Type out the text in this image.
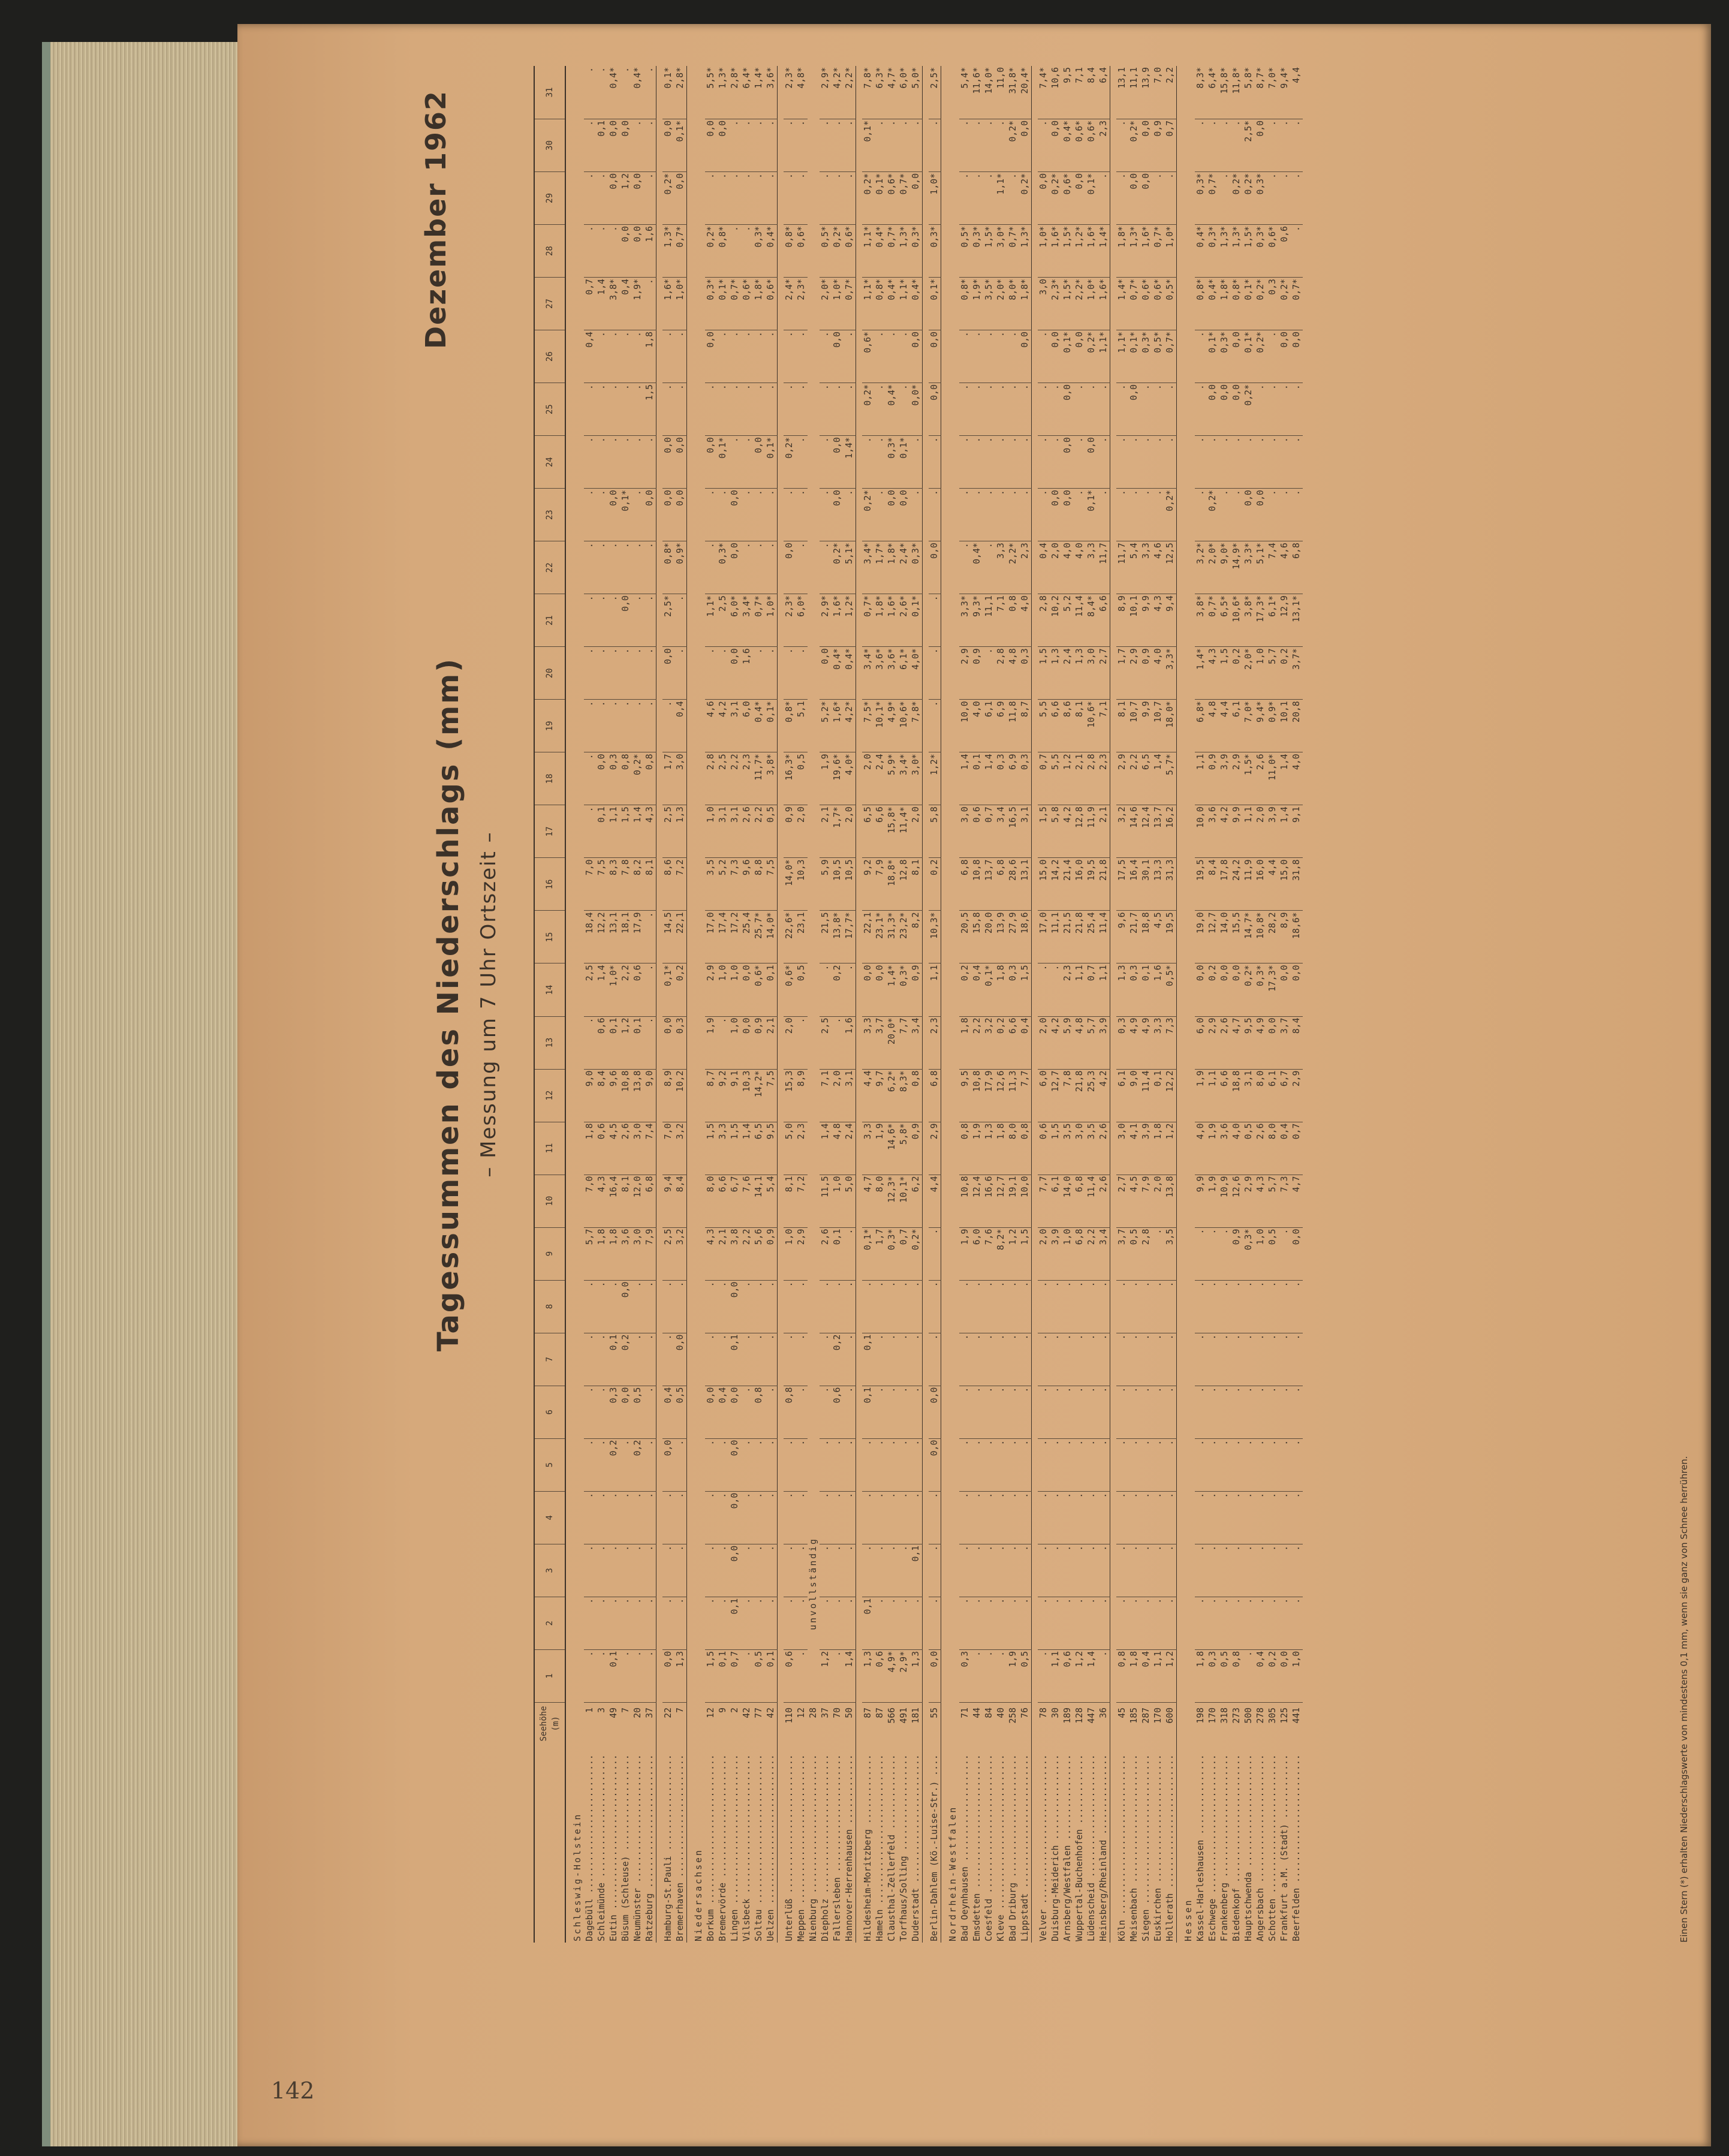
142
Dezember 1962
Tagessummen des Niederschlags (mm) – Messung um 7 Uhr Ortszeit –
	Seehöhe (m)	1	2	3	4	5	6	7	8	9	10	11	12	13	14	15	16	17	18	19	20	21	22	23	24	25	26	27	28	29	30	31

Schleswig-Holstein																																
Dagebüll ..........................	1	.	.	.	.	.	.	.	.	5,7	7,0	1,8	9,0	.	2,5	18,4	7,0	.	.	.	.	.	.	.	.	.	0,4	0,7	.	.	.	.
Schleimünde .......................	3	.	.	.	.	.	.	.	.	1,8	4,3	0,6	8,4	0,6	1,4	12,2	7,5	0,1	0,0	.	.	.	.	.	.	.	.	1,4	.	.	0,1	.
Eutin .............................	49	0,1	.	.	.	0,2	0,3	0,1	.	1,8	16,4	4,5	9,6	0,1	1,0*	13,1	8,3	1,1	0,3	.	.	.	.	0,0	.	.	.	3,8*	.	0,0	0,0	0,4*
Büsum (Schleuse) ..................	7	.	.	.	.	.	0,0	0,2	0,0	3,6	8,1	2,6	10,8	1,2	2,2	18,1	7,8	1,5	0,8	.	.	0,0	.	0,1*	.	.	.	0,4	0,0	1,2	0,0	.
Neumünster ........................	20	.	.	.	.	0,2	0,5	.	.	3,0	12,0	3,0	13,8	0,1	0,6	17,9	8,2	1,4	0,2*	.	.	.	.	.	.	.	.	1,9*	0,0	0,0	.	0,4*
Ratzeburg .........................	37	.	.	.	.	.	.	.	.	7,9	6,8	7,4	9,0	.	.	.	8,1	4,3	0,8	.	.	.	.	0,0	.	1,5	1,8	.	1,6	.	.	.

Hamburg-St.Pauli ..................	22	0,0	.	.	.	0,0	0,4	.	.	2,5	9,4	7,0	8,9	0,0	0,1*	14,5	8,6	2,5	1,7	.	0,0	2,5*	0,8*	0,0	0,0	.	.	1,6*	1,3*	0,2*	0,0	0,1*
Bremerhaven .......................	7	1,3	.	.	.	.	0,5	0,0	.	3,2	8,4	3,2	10,2	0,3	0,2	22,1	7,2	1,3	3,0	0,4	.	.	0,9*	0,0	0,0	.	.	1,0*	0,7*	0,0	0,1*	2,8*

Niedersachsen																																
Borkum ............................	12	1,5	.	.	.	.	0,0	.	.	4,3	8,0	1,5	8,7	1,9	2,9	17,0	3,5	1,0	2,8	4,6	.	1,1*	.	.	0,0	.	0,0	0,3*	0,2*	.	0,0	5,5*
Bremervörde .......................	9	0,1	.	.	.	.	0,4	.	.	2,1	6,6	3,3	9,2	.	1,0	17,4	5,2	3,1	2,5	4,2	.	2,5	0,3*	.	0,1*	.	.	0,1*	0,8*	.	0,0	1,3*
Lingen ............................	2	0,7	0,1	0,0	0,0	0,0	0,0	0,1	0,0	3,8	6,7	1,5	9,1	1,0	1,0	17,2	7,3	3,1	2,2	3,1	0,0	6,0*	0,0	0,0	.	.	.	0,7*	.	.	.	2,8*
Vilsbeck ..........................	42	.	.	.	.	.	.	.	.	2,2	7,6	1,4	10,3	0,0	0,0	25,4	9,6	2,6	2,3	6,0	1,6	3,4*	.	.	.	.	.	0,6*	.	.	.	6,4*
Soltau ............................	77	0,5	.	.	.	.	0,8	.	.	5,6	14,1	6,5	14,2*	0,9	0,6*	25,7*	8,8	2,2	11,7*	0,4*	.	0,7*	.	.	0,0	.	.	1,8*	0,3*	.	.	1,4*
Uelzen ............................	42	0,1	.	.	.	.	.	.	.	0,9	5,4	9,5	7,5	2,1	0,1	14,0*	7,5	0,5	3,8*	0,1*	.	1,0*	.	.	0,1*	.	.	0,6*	0,4*	.	.	3,6*

Unterlüß ..........................	110	0,6	.	.	.	.	0,8	.	.	1,0	8,1	5,0	15,3	2,0	0,6*	22,6*	14,0*	0,9	16,3*	0,8*	.	2,3*	0,0	.	0,2*	.	.	2,4*	0,8*	.	.	2,3*
Meppen ............................	12	.	.	.	.	.	.	.	.	2,9	7,2	2,3	8,9	.	0,5	23,1	10,3	2,0	0,5	5,1	.	6,0*	.	.	.	.	.	2,3*	0,6*	.	.	4,8*
Nienburg ..........................	28	unvollständig																														
Diepholz ..........................	37	1,2	.	.	.	.	.	.	.	2,6	11,5	1,4	7,1	2,5	.	21,5	5,9	2,1	1,9	5,2*	0,0	2,9*	.	.	.	.	.	2,0*	0,5*	.	.	2,9*
Fallersleben ......................	70	.	.	.	.	.	0,6	0,2	.	0,1	1,0	4,8	2,0	.	0,2	13,8*	10,5	1,7*	19,6*	1,6*	0,4*	1,6*	0,2*	0,0	0,0	.	0,0	1,0*	0,2*	.	.	4,2*
Hannover-Herrenhausen .............	50	1,4	.	.	.	.	.	.	.	.	5,0	2,4	3,1	1,6	.	17,7*	10,5	2,0	4,0*	4,2*	0,4*	1,2*	5,1*	.	1,4*	.	.	0,7*	0,6*	.	.	2,2*

Hildesheim-Moritzberg .............	87	1,3	0,1	.	.	.	0,1	0,1	.	0,1*	4,7	3,3	4,4	3,3	0,0	22,1	9,2	6,5	2,0	7,5*	3,4*	0,7*	3,4*	0,2*	.	0,2*	0,6*	1,1*	1,1*	0,2*	0,1*	7,8*
Hameln ............................	87	0,6	.	.	.	.	.	.	.	1,7	8,0	1,9	9,7	3,7	0,0	23,1*	7,9	6,6	2,4	10,1*	3,6*	1,8*	1,7*	.	.	.	.	0,8*	0,4*	0,1*	.	6,3*
Clausthal-Zellerfeld ..............	566	4,9*	.	.	.	.	.	.	.	0,3*	12,3*	14,6*	6,2*	20,0*	1,4*	31,3*	18,8*	15,8*	5,9*	4,9*	3,6*	1,6*	1,8*	0,0	0,3*	0,4*	.	0,4*	0,7*	0,6*	.	4,7*
Torfhaus/Solling ..................	491	2,9*	.	.	.	.	.	.	.	0,7	10,1*	5,8*	8,3*	7,7	0,3*	23,2*	12,8	11,4*	3,4*	10,6*	6,1*	2,6*	2,4*	0,0	0,1*	.	.	1,1*	1,3*	0,7*	.	6,0*
Duderstadt ........................	181	1,3	.	0,1	.	.	.	.	.	0,2*	6,2	0,9	0,8	3,4	0,9	8,2	8,1	2,0	3,0*	7,8*	4,0*	0,1*	0,3*	.	.	0,0*	0,0	0,4*	0,3*	0,0	.	5,0*

Berlin-Dahlem (Kö.-Luise-Str.) ....	55	0,0	.	.	.	0,0	0,0	.	.	.	4,4	2,9	6,8	2,3	1,1	10,3*	0,2	5,8	1,2*	.	.	.	0,0	.	.	0,0	0,0	0,1*	0,3*	1,0*	.	2,5*

Nordrhein-Westfalen																																
Bad Oeynhausen ....................	71	0,3	.	.	.	.	.	.	.	1,9	10,8	0,8	9,5	1,8	0,2	20,5	6,8	3,0	1,4	10,0	2,9	3,3*	.	.	.	.	.	0,8*	0,5*	.	.	5,4*
Emsdetten .........................	44	.	.	.	.	.	.	.	.	6,0	12,4	1,9	10,8	2,2	0,4	15,8	10,8	0,6	0,1	4,0	0,9	9,3*	0,4*	.	.	.	.	1,9*	0,3*	.	.	11,6*
Coesfeld ..........................	84	.	.	.	.	.	.	.	.	7,6	16,6	1,3	17,9	3,2	0,1*	20,0	13,7	0,7	1,4	6,1	.	11,1	.	.	.	.	.	3,5*	1,5*	.	.	14,0*
Kleve .............................	40	.	.	.	.	.	.	.	.	8,2*	12,7	1,8	12,6	0,2	1,8	13,9	6,8	3,4	0,3	6,9	2,8	7,1	3,3	.	.	.	.	2,0*	3,0*	1,1*	.	11,0
Bad Driburg .......................	258	1,9	.	.	.	.	.	.	.	1,2	19,1	8,0	11,3	6,6	0,3	27,9	28,6	16,5	6,9	11,8	4,8	0,8	2,2*	.	.	.	.	8,0*	0,7*	.	0,2*	31,8*
Lippstadt .........................	76	0,5	.	.	.	.	.	.	.	1,5	10,0	0,8	7,7	0,4	1,5	18,6	13,1	3,1	0,3	8,7	0,3	4,0	2,3	.	.	.	0,0	1,8*	1,3*	0,2*	0,0	20,4*

Velver ............................	78	.	.	.	.	.	.	.	.	2,0	7,7	0,6	6,0	2,0	.	17,0	15,0	1,5	0,7	5,5	1,5	2,8	0,4	.	.	.	.	3,0	1,0*	0,0	.	7,4*
Duisburg-Meiderich ................	30	1,1	.	.	.	.	.	.	.	3,9	6,1	1,5	12,7	4,2	.	11,1	14,2	5,8	5,5	6,6	1,3	10,2	2,0	0,0	.	.	0,0	2,3*	1,6*	0,2*	0,0	10,6
Arnsberg/Westfalen ................	189	0,6	.	.	.	.	.	.	.	1,0	14,0	3,5	7,8	5,9	2,3	21,5	21,4	4,2	1,2	8,6	2,4	5,2	4,0	0,0	0,0	0,0	0,1*	1,5*	1,5*	0,6*	0,4*	9,5
Wuppertal-Buchenhofen .............	128	1,2	.	.	.	.	.	.	.	6,8	6,8	3,0	21,8	4,8	1,1	21,8	16,0	12,8	2,1	8,1	1,3	11,4	4,0	.	.	.	0,0	2,2*	1,2*	0,0	0,6*	7,1
Lüdenscheid .......................	447	1,4	.	.	.	.	.	.	.	2,2	11,4	3,5	25,3	5,7	0,7	25,4	19,5	11,9	2,8	10,6*	3,0	8,4*	3,3	0,1*	0,0	.	0,2*	1,0*	1,6*	0,1*	0,6*	8,4
Heinsberg/Rheinland ...............	36	.	.	.	.	.	.	.	.	3,4	2,6	2,6	4,2	3,9	1,1	11,4	21,8	2,1	2,3	7,1	2,7	6,6	11,7	.	.	.	1,1*	1,6*	1,4*	.	2,3	6,4

Köln ..............................	45	0,8	.	.	.	.	.	.	.	3,7	2,7	3,0	6,1	0,3	1,3	9,6	17,5	3,2	2,9	8,1	1,7	8,9	11,7	.	.	.	1,1*	1,4*	1,8*	.	.	13,1
Meisenbach ........................	185	1,8	.	.	.	.	.	.	.	0,5	4,5	4,1	9,0	4,9	0,3	21,7	16,4	14,6	2,2	10,7	2,9	10,1	5,4	.	.	0,0	0,1*	0,7*	1,3*	0,0	0,2*	11,1
Siegen ............................	287	0,4	.	.	.	.	.	.	.	2,8	7,9	3,9	11,4	4,9	0,1	18,8	30,1	12,4	6,5	9,9	0,9	9,9	3,3	.	.	.	0,3*	0,6*	1,6*	0,0	0,0	13,9
Euskirchen ........................	170	1,1	.	.	.	.	.	.	.	.	2,0	1,8	0,1	3,3	1,6	4,5	13,3	13,7	1,4	10,7	4,0	4,3	4,6	.	.	.	0,5*	0,6*	0,7*	.	0,9	7,0
Hollerath .........................	600	1,2	.	.	.	.	.	.	.	3,5	13,8	1,2	12,2	7,3	0,5*	19,5	31,3	16,2	5,7*	18,0*	3,3*	9,4	12,5	0,2*	.	.	0,7*	0,5*	1,0*	.	0,7	2,2

Hessen																																
Kassel-Harleshausen ...............	198	1,8	.	.	.	.	.	.	.	.	9,9	4,0	1,9	6,0	0,0	19,0	19,5	10,0	1,1	6,8*	1,4*	3,8*	3,2*	.	.	.	.	0,8*	0,4*	0,3*	.	8,3*
Eschwege ..........................	170	0,3	.	.	.	.	.	.	.	.	1,9	1,9	1,1	2,9	0,2	12,7	8,4	3,6	0,9	4,8	4,3	0,7*	2,0*	0,2*	.	0,0	0,1*	0,4*	0,3*	0,7*	.	6,4*
Frankenberg .......................	318	0,5	.	.	.	.	.	.	.	.	10,9	3,6	6,6	2,6	0,0	14,0	17,8	4,2	3,9	4,4	1,5	6,5*	9,0*	.	.	0,0	0,3*	1,8*	1,3*	.	.	15,8*
Biedenkopf ........................	273	0,8	.	.	.	.	.	.	.	0,9	12,6	4,0	18,8	4,7	0,0	15,5	24,2	9,9	2,9	6,1	0,2	10,6*	14,9*	.	.	0,0	0,0	0,8*	1,3*	0,2*	.	11,8*
Hauptschwenda .....................	500	.	.	.	.	.	.	.	.	0,3*	2,9	0,5	3,1	9,5	0,2*	14,7*	11,9	1,1	1,5*	7,0*	2,0*	3,8*	3,3*	0,0	.	0,2*	0,1*	0,1*	1,5*	0,2*	2,5*	5,8*
Angersbach ........................	278	0,4	.	.	.	.	.	.	.	1,0	4,3	2,6	8,0	4,9	0,3*	10,8*	16,0	2,0	2,6	9,4*	1,0	17,3*	5,1*	0,0	.	.	0,2*	0,2*	0,3*	0,3*	0,0	8,7*
Schotten ..........................	305	0,2	.	.	.	.	.	.	.	0,5	5,7	8,0	6,1	0,0	17,3*	28,2	4,4	3,9	11,0*	0,9*	5,7	6,1*	7,4	.	.	.	.	0,3	0,6*	.	.	7,0*
Frankfurt a.M. (Stadt) ............	125	0,0	.	.	.	.	.	.	.	.	7,3	0,4	6,7	3,7	0,0	8,9	15,0	1,4	1,4	10,1	0,2	12,9	4,6	.	.	.	0,0	0,2*	0,6	.	.	9,4*
Beerfelden ........................	441	1,0	.	.	.	.	.	.	.	0,0	4,7	0,7	2,9	8,4	0,0	18,6*	31,8	9,1	4,0	20,8	3,7*	13,1*	6,8	.	.	.	0,0	0,7*	.	.	.	4,4
Einen Stern (*) erhalten Niederschlagswerte von mindestens 0,1 mm, wenn sie ganz von Schnee herrühren.
